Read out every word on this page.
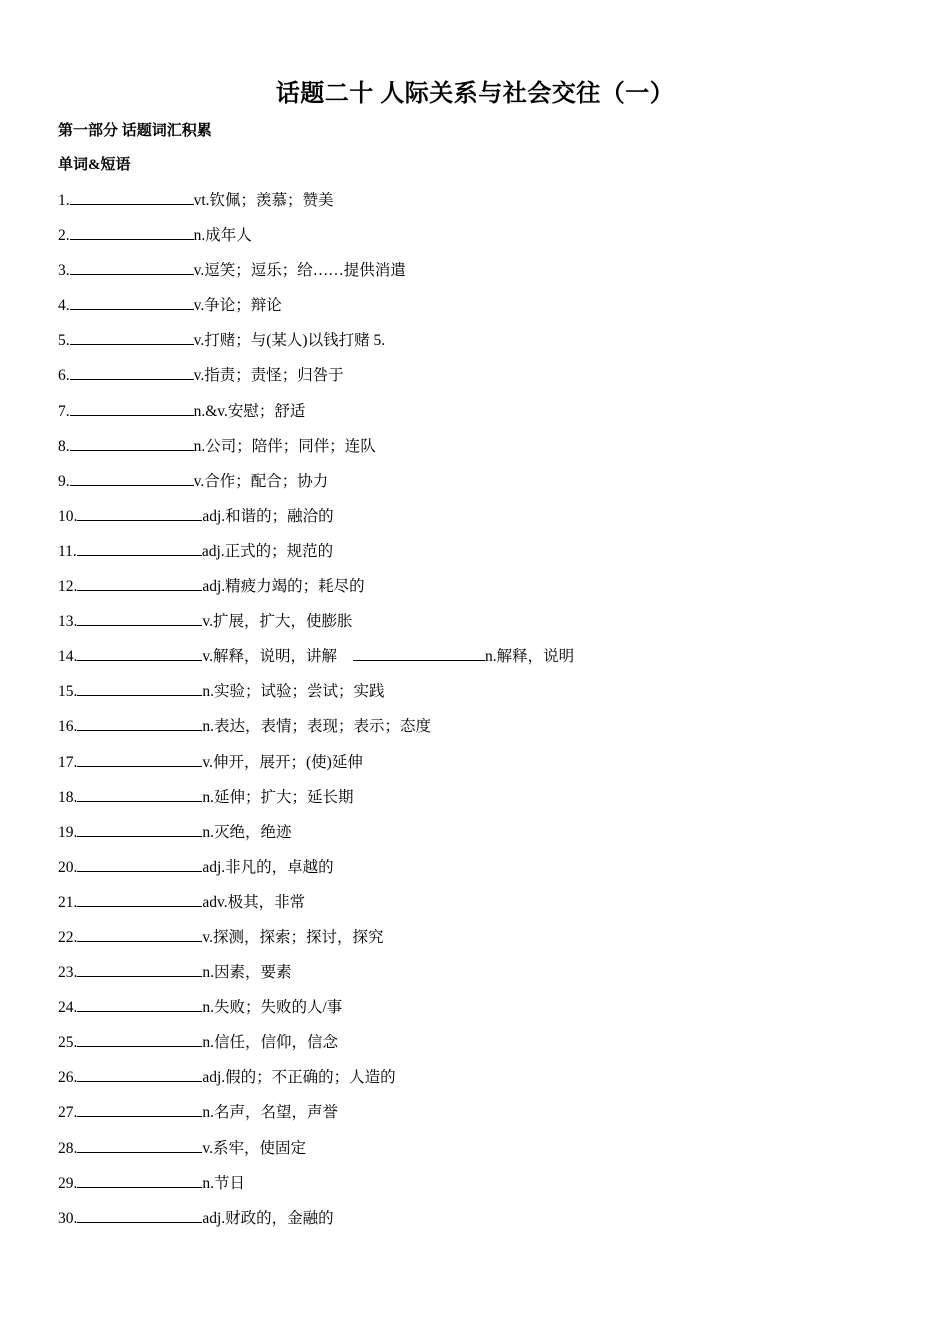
话题二十 人际关系与社会交往（一）
第一部分 话题词汇积累
单词&短语
1.	vt.钦佩；羡慕；赞美
2.	n.成年人
3.	v.逗笑；逗乐；给……提供消遣
4.	v.争论；辩论
5.	v.打赌；与(某人)以钱打赌 5.
6.	v.指责；责怪；归咎于
7.	n.&v.安慰；舒适
8.	n.公司；陪伴；同伴；连队
9.	v.合作；配合；协力
10.	adj.和谐的；融洽的
11.	adj.正式的；规范的
12.	adj.精疲力竭的；耗尽的
13.	v.扩展，扩大，使膨胀
14.	v.解释，说明，讲解	n.解释，说明
15.	n.实验；试验；尝试；实践
16.	n.表达，表情；表现；表示；态度
17.	v.伸开，展开；(使)延伸
18.	n.延伸；扩大；延长期
19.	n.灭绝，绝迹
20.	adj.非凡的，卓越的
21.	adv.极其，非常
22.	v.探测，探索；探讨，探究
23.	n.因素，要素
24.	n.失败；失败的人/事
25.	n.信任，信仰，信念
26.	adj.假的；不正确的；人造的
27.	n.名声，名望，声誉
28.	v.系牢，使固定
29.	n.节日
30.	adj.财政的，金融的
